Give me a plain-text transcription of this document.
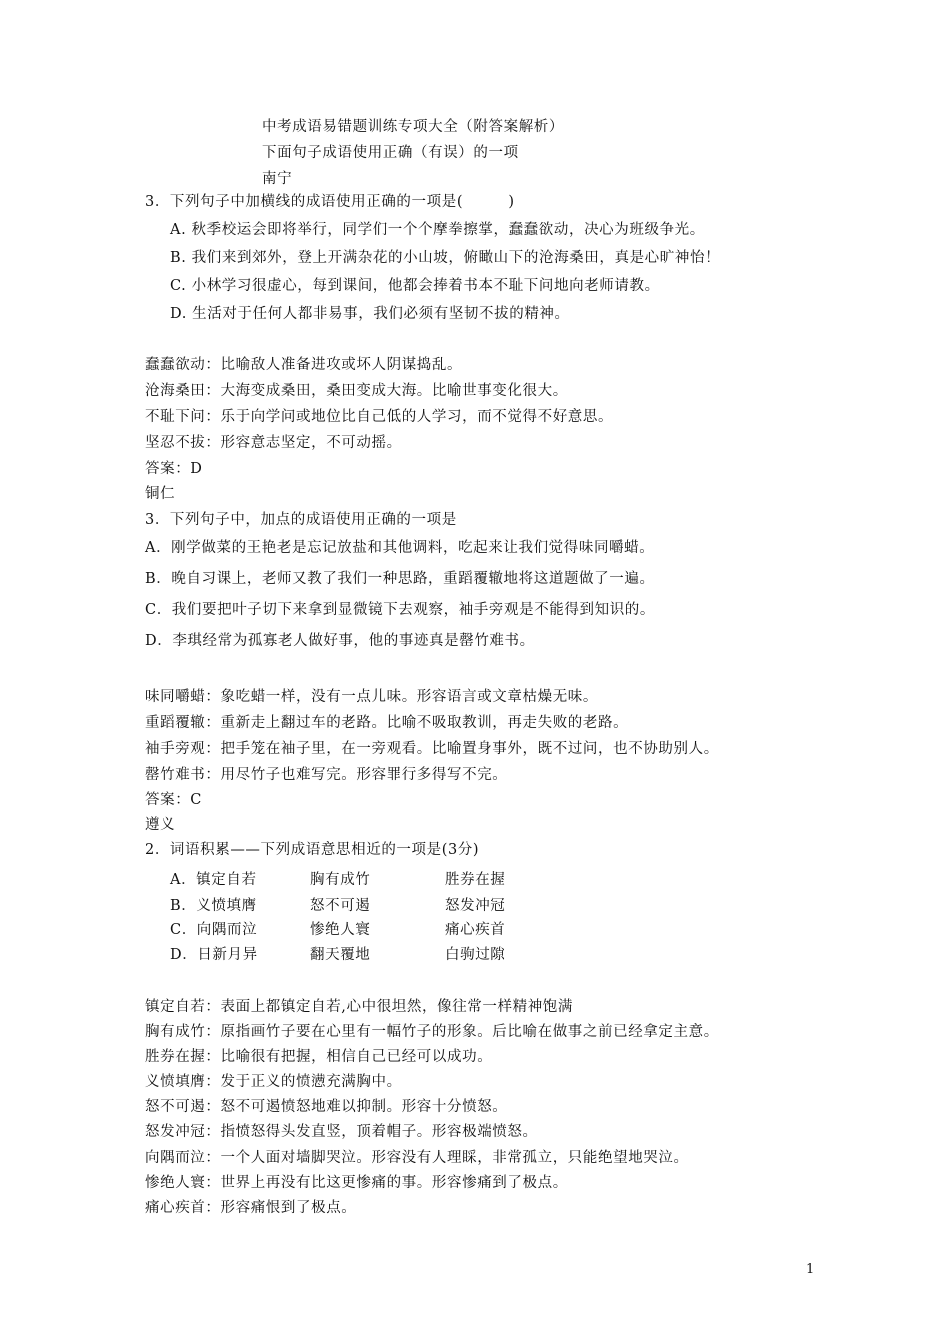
中考成语易错题训练专项大全（附答案解析）
下面句子成语使用正确（有误）的一项
南宁
3．下列句子中加横线的成语使用正确的一项是(　　　)
A. 秋季校运会即将举行，同学们一个个摩拳擦掌，蠢蠢欲动，决心为班级争光。
B. 我们来到郊外，登上开满杂花的小山坡，俯瞰山下的沧海桑田，真是心旷神怡！
C. 小林学习很虚心，每到课间，他都会捧着书本不耻下问地向老师请教。
D. 生活对于任何人都非易事，我们必须有坚韧不拔的精神。
蠢蠢欲动：比喻敌人准备进攻或坏人阴谋捣乱。
沧海桑田：大海变成桑田，桑田变成大海。比喻世事变化很大。
不耻下问：乐于向学问或地位比自己低的人学习，而不觉得不好意思。
坚忍不拔：形容意志坚定，不可动摇。
答案：D
铜仁
3．下列句子中，加点的成语使用正确的一项是
A．刚学做菜的王艳老是忘记放盐和其他调料，吃起来让我们觉得味同嚼蜡。
B．晚自习课上，老师又教了我们一种思路，重蹈覆辙地将这道题做了一遍。
C．我们要把叶子切下来拿到显微镜下去观察，袖手旁观是不能得到知识的。
D．李琪经常为孤寡老人做好事，他的事迹真是罄竹难书。
味同嚼蜡：象吃蜡一样，没有一点儿味。形容语言或文章枯燥无味。
重蹈覆辙：重新走上翻过车的老路。比喻不吸取教训，再走失败的老路。
袖手旁观：把手笼在袖子里，在一旁观看。比喻置身事外，既不过问，也不协助别人。
罄竹难书：用尽竹子也难写完。形容罪行多得写不完。
答案：C
遵义
2．词语积累——下列成语意思相近的一项是(3分)
A．镇定自若	胸有成竹	胜券在握
B．义愤填膺	怒不可遏	怒发冲冠
C．向隅而泣	惨绝人寰	痛心疾首
D．日新月异	翻天覆地	白驹过隙
镇定自若：表面上都镇定自若,心中很坦然，像往常一样精神饱满
胸有成竹：原指画竹子要在心里有一幅竹子的形象。后比喻在做事之前已经拿定主意。
胜券在握：比喻很有把握，相信自己已经可以成功。
义愤填膺：发于正义的愤懑充满胸中。
怒不可遏：怒不可遏愤怒地难以抑制。形容十分愤怒。
怒发冲冠：指愤怒得头发直竖，顶着帽子。形容极端愤怒。
向隅而泣：一个人面对墙脚哭泣。形容没有人理睬，非常孤立，只能绝望地哭泣。
惨绝人寰：世界上再没有比这更惨痛的事。形容惨痛到了极点。
痛心疾首：形容痛恨到了极点。
1
